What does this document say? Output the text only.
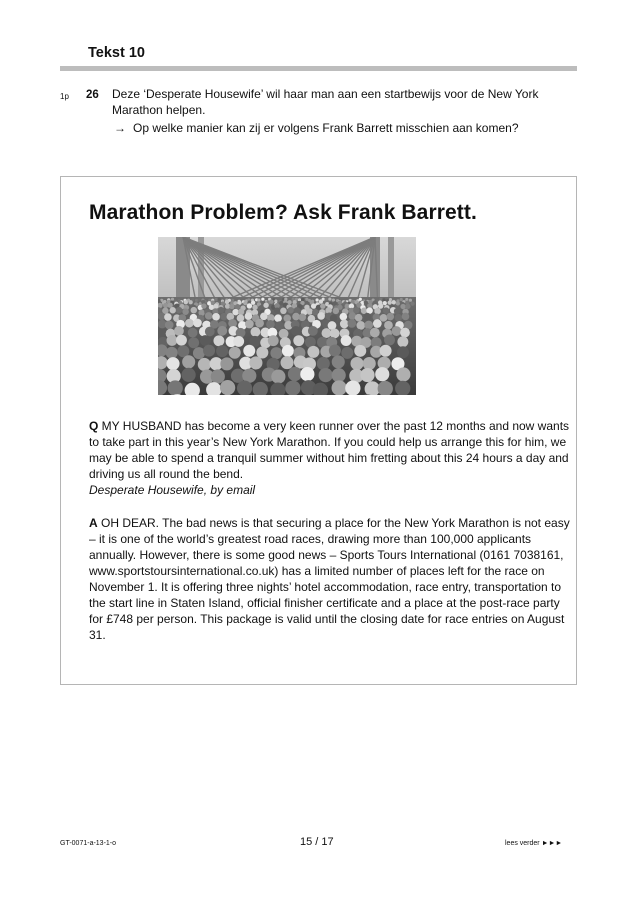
Tekst 10
1p 26 Deze ‘Desperate Housewife’ wil haar man aan een startbewijs voor de New York Marathon helpen.
→ Op welke manier kan zij er volgens Frank Barrett misschien aan komen?
Marathon Problem? Ask Frank Barrett.
Q MY HUSBAND has become a very keen runner over the past 12 months and now wants to take part in this year’s New York Marathon. If you could help us arrange this for him, we may be able to spend a tranquil summer without him fretting about this 24 hours a day and driving us all round the bend.
Desperate Housewife, by email
A OH DEAR. The bad news is that securing a place for the New York Marathon is not easy – it is one of the world’s greatest road races, drawing more than 100,000 applicants annually. However, there is some good news – Sports Tours International (0161 7038161, www.sportstoursinternational.co.uk) has a limited number of places left for the race on November 1. It is offering three nights’ hotel accommodation, race entry, transportation to the start line in Staten Island, official finisher certificate and a place at the post-race party for £748 per person. This package is valid until the closing date for race entries on August 31.
GT-0071-a-13-1-o	15 / 17	lees verder ►►►
